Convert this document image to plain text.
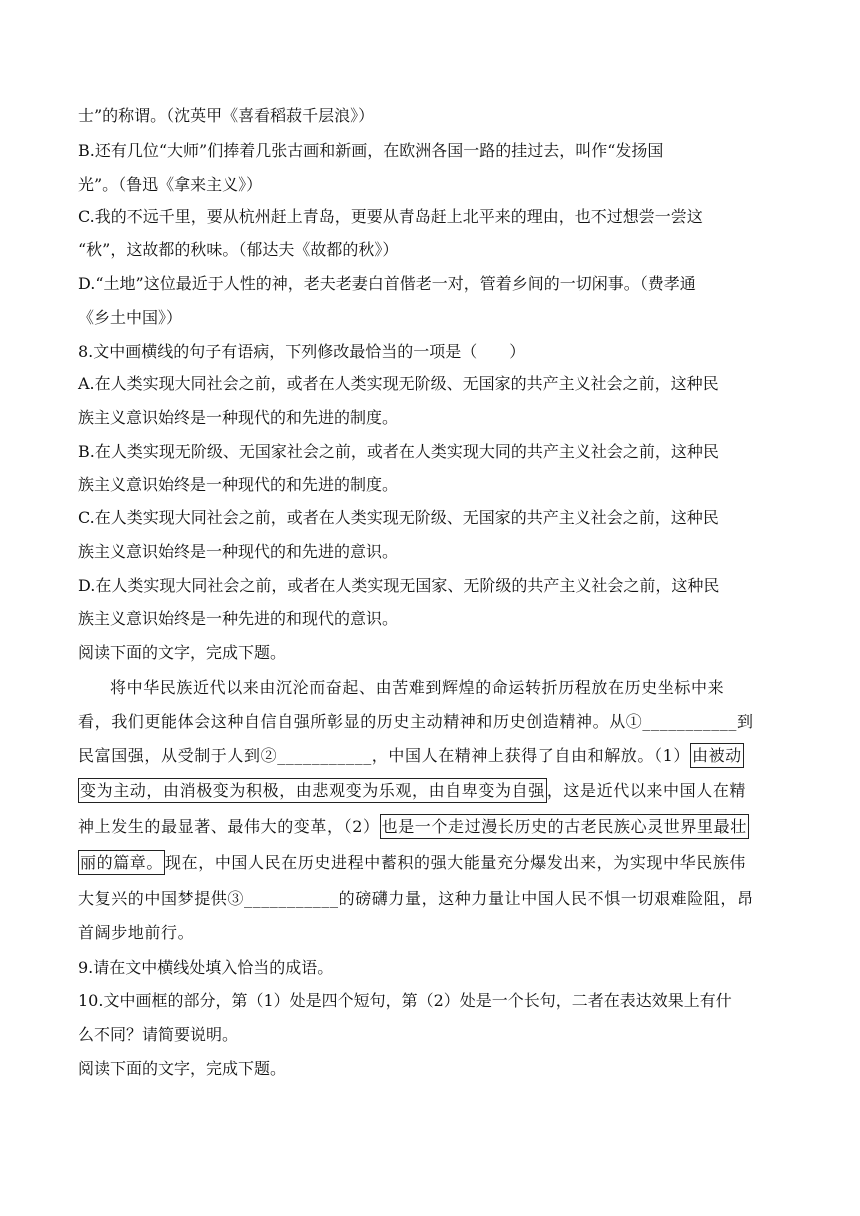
士”的称谓。（沈英甲《喜看稻菽千层浪》）
B.还有几位“大师”们捧着几张古画和新画，在欧洲各国一路的挂过去，叫作“发扬国
光”。（鲁迅《拿来主义》）
C.我的不远千里，要从杭州赶上青岛，更要从青岛赶上北平来的理由，也不过想尝一尝这
“秋”，这故都的秋味。（郁达夫《故都的秋》）
D.“土地”这位最近于人性的神，老夫老妻白首偕老一对，管着乡间的一切闲事。（费孝通
《乡土中国》）
8.文中画横线的句子有语病，下列修改最恰当的一项是（　　）
A.在人类实现大同社会之前，或者在人类实现无阶级、无国家的共产主义社会之前，这种民
族主义意识始终是一种现代的和先进的制度。
B.在人类实现无阶级、无国家社会之前，或者在人类实现大同的共产主义社会之前，这种民
族主义意识始终是一种现代的和先进的制度。
C.在人类实现大同社会之前，或者在人类实现无阶级、无国家的共产主义社会之前，这种民
族主义意识始终是一种现代的和先进的意识。
D.在人类实现大同社会之前，或者在人类实现无国家、无阶级的共产主义社会之前，这种民
族主义意识始终是一种先进的和现代的意识。
阅读下面的文字，完成下题。
将中华民族近代以来由沉沦而奋起、由苦难到辉煌的命运转折历程放在历史坐标中来
看，我们更能体会这种自信自强所彰显的历史主动精神和历史创造精神。从①___________到
民富国强，从受制于人到②___________，中国人在精神上获得了自由和解放。（1） 由被动
变为主动，由消极变为积极，由悲观变为乐观，由自卑变为自强 ，这是近代以来中国人在精
神上发生的最显著、最伟大的变革，（2） 也是一个走过漫长历史的古老民族心灵世界里最壮
丽的篇章。 现在，中国人民在历史进程中蓄积的强大能量充分爆发出来，为实现中华民族伟
大复兴的中国梦提供③___________的磅礴力量，这种力量让中国人民不惧一切艰难险阻，昂
首阔步地前行。
9.请在文中横线处填入恰当的成语。
10.文中画框的部分，第（1）处是四个短句，第（2）处是一个长句，二者在表达效果上有什
么不同？请简要说明。
阅读下面的文字，完成下题。
